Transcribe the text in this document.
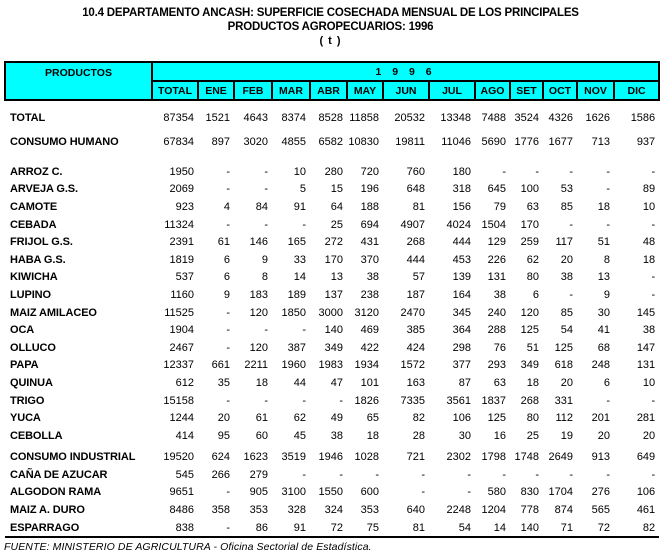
10.4 DEPARTAMENTO ANCASH: SUPERFICIE COSECHADA MENSUAL DE LOS PRINCIPALES
PRODUCTOS AGROPECUARIOS: 1996
( t )
PRODUCTOS	1 9 9 6												
	TOTAL	ENE	FEB	MAR	ABR	MAY	JUN	JUL	AGO	SET	OCT	NOV	DIC
TOTAL	87354	1521	4643	8374	8528	11858	20532	13348	7488	3524	4326	1626	1586
CONSUMO HUMANO	67834	897	3020	4855	6582	10830	19811	11046	5690	1776	1677	713	937

ARROZ C.	1950	-	-	10	280	720	760	180	-	-	-	-	-
ARVEJA G.S.	2069	-	-	5	15	196	648	318	645	100	53	-	89
CAMOTE	923	4	84	91	64	188	81	156	79	63	85	18	10
CEBADA	11324	-	-	-	25	694	4907	4024	1504	170	-	-	-
FRIJOL G.S.	2391	61	146	165	272	431	268	444	129	259	117	51	48
HABA G.S.	1819	6	9	33	170	370	444	453	226	62	20	8	18
KIWICHA	537	6	8	14	13	38	57	139	131	80	38	13	-
LUPINO	1160	9	183	189	137	238	187	164	38	6	-	9	-
MAIZ AMILACEO	11525	-	120	1850	3000	3120	2470	345	240	120	85	30	145
OCA	1904	-	-	-	140	469	385	364	288	125	54	41	38
OLLUCO	2467	-	120	387	349	422	424	298	76	51	125	68	147
PAPA	12337	661	2211	1960	1983	1934	1572	377	293	349	618	248	131
QUINUA	612	35	18	44	47	101	163	87	63	18	20	6	10
TRIGO	15158	-	-	-	-	1826	7335	3561	1837	268	331	-	-
YUCA	1244	20	61	62	49	65	82	106	125	80	112	201	281
CEBOLLA	414	95	60	45	38	18	28	30	16	25	19	20	20

CONSUMO INDUSTRIAL	19520	624	1623	3519	1946	1028	721	2302	1798	1748	2649	913	649
CAÑA DE AZUCAR	545	266	279	-	-	-	-	-	-	-	-	-	-
ALGODON RAMA	9651	-	905	3100	1550	600	-	-	580	830	1704	276	106
MAIZ A. DURO	8486	358	353	328	324	353	640	2248	1204	778	874	565	461
ESPARRAGO	838	-	86	91	72	75	81	54	14	140	71	72	82
FUENTE: MINISTERIO DE AGRICULTURA - Oficina Sectorial de Estadística.
